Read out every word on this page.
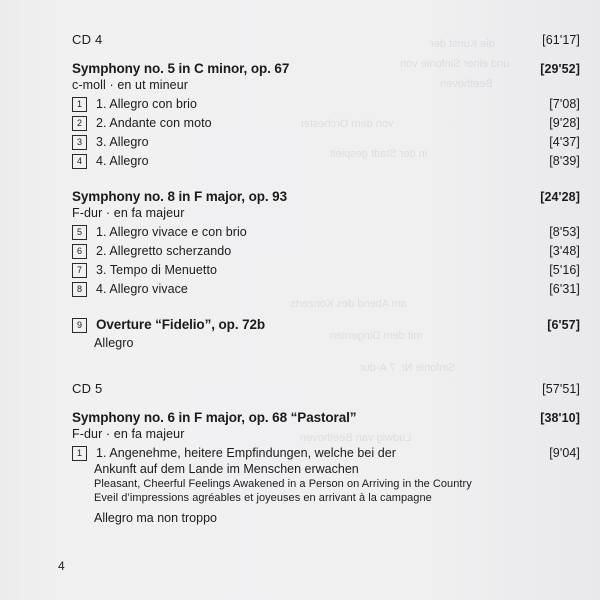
die Kunst der
und einer Sinfonie von
Beethoven
von dem Orchester
in der Stadt gespielt
am Abend des Konzerts
mit dem Dirigenten
Sinfonie Nr. 7 A-dur
Ludwig van Beethoven
CD 4	[61'17]
Symphony no. 5 in C minor, op. 67	[29'52]
c-moll · en ut mineur
1	1. Allegro con brio	[7'08]
2	2. Andante con moto	[9'28]
3	3. Allegro	[4'37]
4	4. Allegro	[8'39]
Symphony no. 8 in F major, op. 93	[24'28]
F-dur · en fa majeur
5	1. Allegro vivace e con brio	[8'53]
6	2. Allegretto scherzando	[3'48]
7	3. Tempo di Menuetto	[5'16]
8	4. Allegro vivace	[6'31]
9	Overture “Fidelio”, op. 72b	[6'57]
Allegro
CD 5	[57'51]
Symphony no. 6 in F major, op. 68 “Pastoral”	[38'10]
F-dur · en fa majeur
1	1. Angenehme, heitere Empfindungen, welche bei der	[9'04]
Ankunft auf dem Lande im Menschen erwachen
Pleasant, Cheerful Feelings Awakened in a Person on Arriving in the Country
Eveil d’impressions agréables et joyeuses en arrivant à la campagne
Allegro ma non troppo
4
